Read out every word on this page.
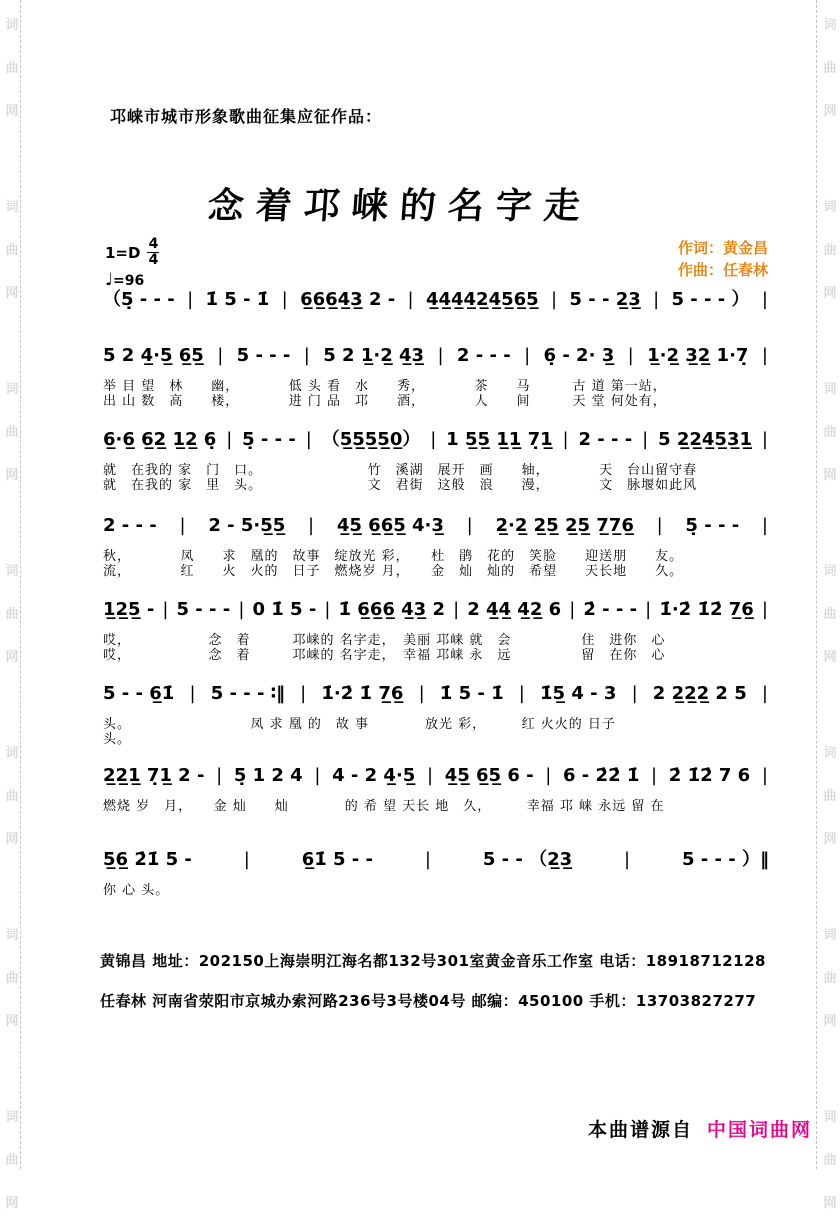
词
曲
网
词
曲
网
词
曲
网
词
曲
网
词
曲
网
词
曲
网
词
曲
网
词
曲
网
词
曲
网
词
曲
网
词
曲
网
词
曲
网
词
曲
网
词
曲
网
邛崃市城市形象歌曲征集应征作品：
念着邛崃的名字走
$1=D \frac{4}{4}$
♩=96
作词：黄金昌
作曲：任春林
（5̣ - - - | 1̇ 5 - 1̇ | 6̲6̲6̲4̲3̲ 2 - | 4̲4̲4̲4̲2̲4̲5̲6̲5̲ | 5 - - 2̲3̲ | 5 - - - ） |
5 2 4̲·5̲ 6̲5̲ | 5 - - - | 5 2 1̲·2̲ 4̲3̲ | 2 - - - | 6̣ - 2· 3̲ | 1̲·2̲ 3̲2̲ 1·7̣ |
举 目 望　林　　幽，　　　　低 头 看　水　　秀，　　　　茶　　马　　　古 道 第一站，
出 山 数　高　　楼，　　　　进 门 品　邛　　酒，　　　　人　　间　　　天 堂 何处有，
6̲·6̲ 6̲2̲ 1̲2̲ 6̣ | 5̣ - - - | （5̲5̲5̲5̲0̲） | 1 5̲5̲ 1̲1̲ 7̣1̲ | 2 - - - | 5 2̲2̲4̲5̲3̲1̲ |
就　在我的 家　门　口。　　　　　　　　竹　溪湖　展开　画　　轴，　　　　天　台山留守春
就　在我的 家　里　头。　　　　　　　　文　君街　这般　浪　　漫，　　　　文　脉堰如此风
2 - - - | 2 - 5·5̲5̲ | 4̲5̲ 6̲6̲5̲ 4·3̲ | 2̲·2̲ 2̲5̲ 2̲5̲ 7̲7̲6̲ | 5̣ - - - |
秋，　　　　凤　　求　凰的　故事　绽放光 彩，　　杜　鹃　花的　笑脸　　迎送朋　　友。
流，　　　　红　　火　火的　日子　燃烧岁 月，　　金　灿　灿的　希望　　天长地　　久。
1̲2̲5̲ - | 5 - - - | 0 1̇ 5 - | 1̇ 6̲6̲6̲ 4̲3̲ 2 | 2 4̲4̲ 4̲2̲ 6 | 2̇ - - - | 1̇·2̇ 1̇2̇ 7̲6̲ |
哎，　　　　　　念　着　　　邛崃的 名字走，　美丽 邛崃 就　会　　　　　住　进你　心
哎，　　　　　　念　着　　　邛崃的 名字走，　幸福 邛崃 永　远　　　　　留　在你　心
5 - - 6̲1̇ | 5 - - - ∶‖ | 1̇·2̇ 1̇ 7̲6̲ | 1̇ 5 - 1̇ | 1̇5̲ 4 - 3 | 2 2̲2̲2̲ 2 5 |
头。　　　　　　　　　凤 求 凰 的　故 事　　　　放光 彩，　　　红 火火的 日子
头。
2̲2̲1̲ 7̣1̲ 2 - | 5̣ 1 2 4 | 4 - 2 4̲·5̲ | 4̲5̲ 6̲5̲ 6 - | 6 - 2̇2̇ 1̇ | 2̇ 1̇2̇ 7 6 |
燃烧 岁　月，　　金 灿　　灿　　　　的 希 望 天长 地　久，　　　幸福 邛 崃 永远 留 在
5̲6̲ 2̇1̇ 5 -	|	6̲1̇ 5 - -	|	5 - - （2̲3̲	|	5 - - - ）‖
你 心 头。
黄锦昌 地址：202150上海崇明江海名都132号301室黄金音乐工作室 电话：18918712128
任春林 河南省荥阳市京城办索河路236号3号楼04号 邮编：450100 手机：13703827277
本曲谱源自 中国词曲网
